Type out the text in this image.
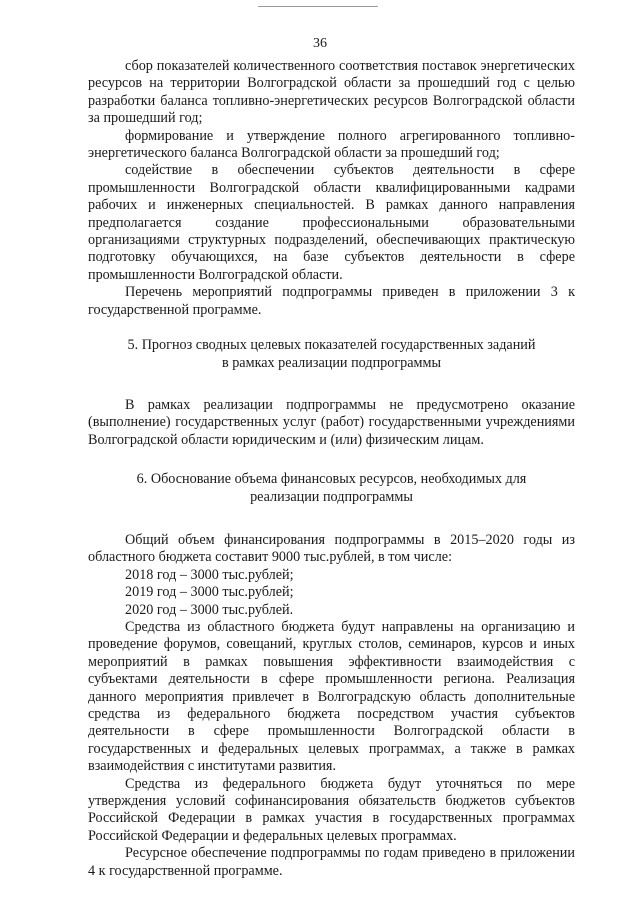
36

сбор показателей количественного соответствия поставок энергетических ресурсов на территории Волгоградской области за прошедший год с целью разработки баланса топливно-энергетических ресурсов Волгоградской области за прошедший год;

формирование и утверждение полного агрегированного топливно-энергетического баланса Волгоградской области за прошедший год;

содействие в обеспечении субъектов деятельности в сфере промышленности Волгоградской области квалифицированными кадрами рабочих и инженерных специальностей. В рамках данного направления предполагается создание профессиональными образовательными организациями структурных подразделений, обеспечивающих практическую подготовку обучающихся, на базе субъектов деятельности в сфере промышленности Волгоградской области.

Перечень мероприятий подпрограммы приведен в приложении 3 к государственной программе.

5. Прогноз сводных целевых показателей государственных заданий

в рамках реализации подпрограммы

В рамках реализации подпрограммы не предусмотрено оказание (выполнение) государственных услуг (работ) государственными учреждениями Волгоградской области юридическим и (или) физическим лицам.

6. Обоснование объема финансовых ресурсов, необходимых для

реализации подпрограммы

Общий объем финансирования подпрограммы в 2015–2020 годы из областного бюджета составит 9000 тыс.рублей, в том числе:

2018 год – 3000 тыс.рублей;

2019 год – 3000 тыс.рублей;

2020 год – 3000 тыс.рублей.

Средства из областного бюджета будут направлены на организацию и проведение форумов, совещаний, круглых столов, семинаров, курсов и иных мероприятий в рамках повышения эффективности взаимодействия с субъектами деятельности в сфере промышленности региона. Реализация данного мероприятия привлечет в Волгоградскую область дополнительные средства из федерального бюджета посредством участия субъектов деятельности в сфере промышленности Волгоградской области в государственных и федеральных целевых программах, а также в рамках взаимодействия с институтами развития.

Средства из федерального бюджета будут уточняться по мере утверждения условий софинансирования обязательств бюджетов субъектов Российской Федерации в рамках участия в государственных программах Российской Федерации и федеральных целевых программах.

Ресурсное обеспечение подпрограммы по годам приведено в приложении 4 к государственной программе.
